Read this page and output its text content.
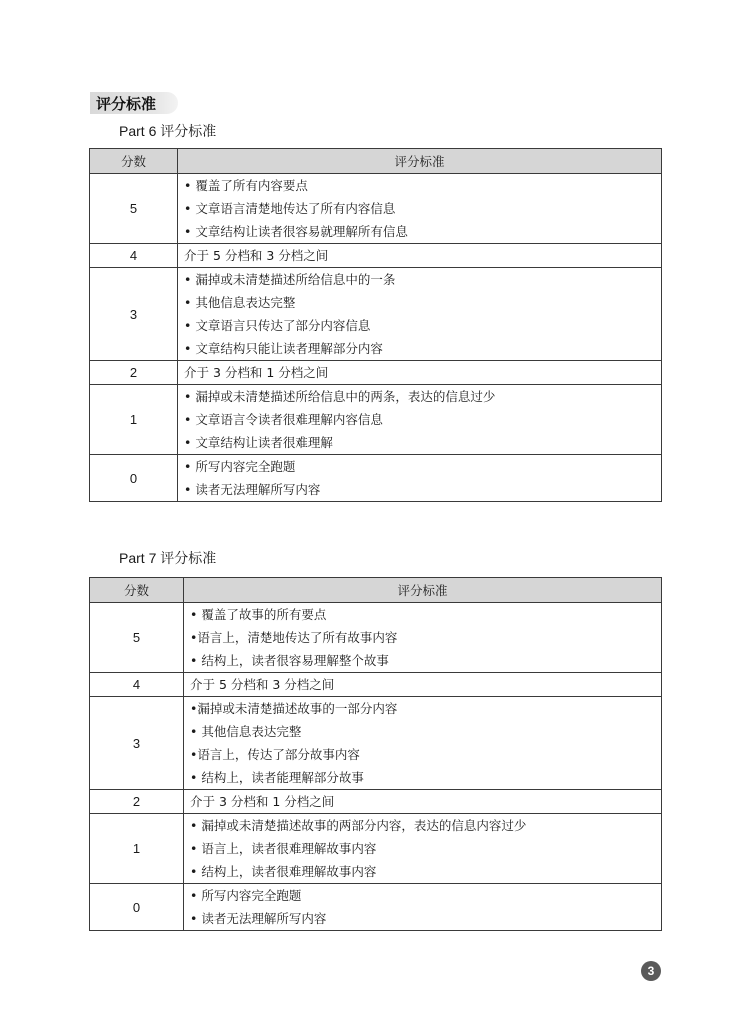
评分标准
Part 6 评分标准
分数	评分标准
5	• 覆盖了所有内容要点
• 文章语言清楚地传达了所有内容信息
• 文章结构让读者很容易就理解所有信息

4	介于 5 分档和 3 分档之间

3	• 漏掉或未清楚描述所给信息中的一条
• 其他信息表达完整
• 文章语言只传达了部分内容信息
• 文章结构只能让读者理解部分内容

2	介于 3 分档和 1 分档之间

1	• 漏掉或未清楚描述所给信息中的两条，表达的信息过少
• 文章语言令读者很难理解内容信息
• 文章结构让读者很难理解

0	• 所写内容完全跑题
• 读者无法理解所写内容
Part 7 评分标准
分数	评分标准
5	• 覆盖了故事的所有要点
•语言上，清楚地传达了所有故事内容
• 结构上，读者很容易理解整个故事

4	介于 5 分档和 3 分档之间

3	•漏掉或未清楚描述故事的一部分内容
• 其他信息表达完整
•语言上，传达了部分故事内容
• 结构上，读者能理解部分故事

2	介于 3 分档和 1 分档之间

1	• 漏掉或未清楚描述故事的两部分内容，表达的信息内容过少
• 语言上，读者很难理解故事内容
• 结构上，读者很难理解故事内容

0	• 所写内容完全跑题
• 读者无法理解所写内容
3
